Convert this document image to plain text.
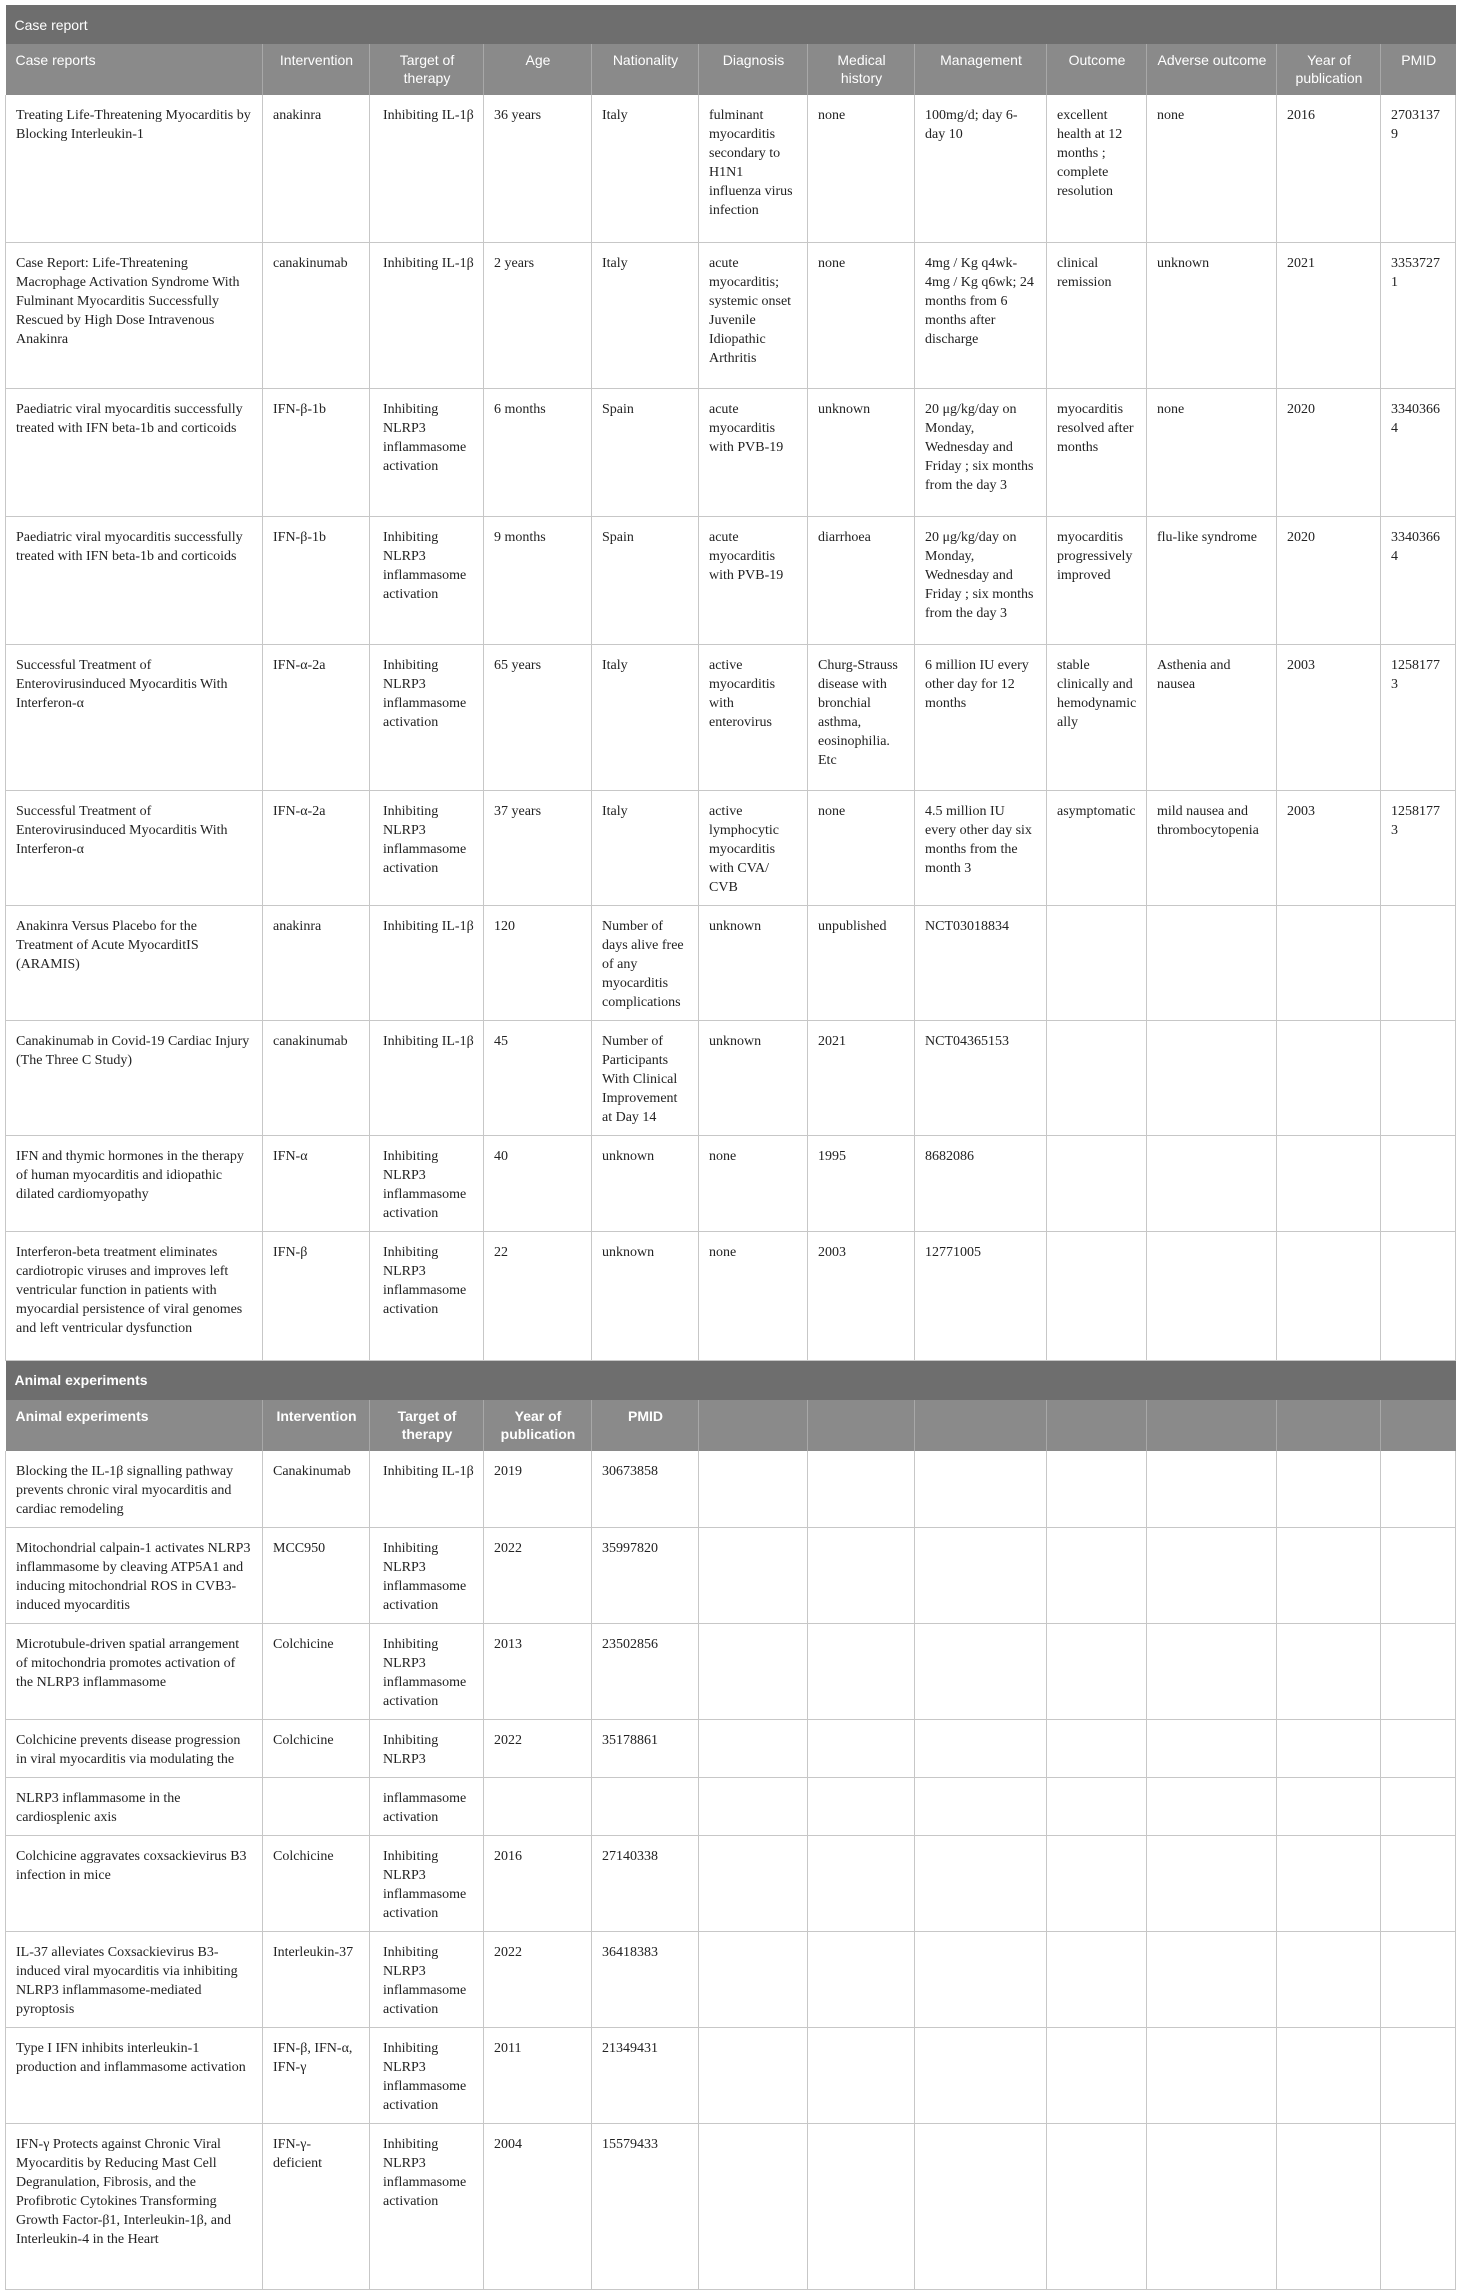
Case report											
Case reports	Intervention	Target of therapy	Age	Nationality	Diagnosis	Medical history	Management	Outcome	Adverse outcome	Year of publication	PMID
Treating Life-Threatening Myocarditis by Blocking Interleukin-1	anakinra	Inhibiting IL-1β	36 years	Italy	fulminant myocarditis secondary to H1N1 influenza virus infection	none	100mg/d; day 6-day 10	excellent health at 12 months ; complete resolution	none	2016	27031379
Case Report: Life-Threatening Macrophage Activation Syndrome With Fulminant Myocarditis Successfully Rescued by High Dose Intravenous Anakinra	canakinumab	Inhibiting IL-1β	2 years	Italy	acute myocarditis; systemic onset Juvenile Idiopathic Arthritis	none	4mg / Kg q4wk-4mg / Kg q6wk; 24 months from 6 months after discharge	clinical remission	unknown	2021	33537271
Paediatric viral myocarditis successfully treated with IFN beta-1b and corticoids	IFN-β-1b	Inhibiting NLRP3 inflammasome activation	6 months	Spain	acute myocarditis with PVB-19	unknown	20 μg/kg/day on Monday, Wednesday and Friday ; six months from the day 3	myocarditis resolved after months	none	2020	33403664
Paediatric viral myocarditis successfully treated with IFN beta-1b and corticoids	IFN-β-1b	Inhibiting NLRP3 inflammasome activation	9 months	Spain	acute myocarditis with PVB-19	diarrhoea	20 μg/kg/day on Monday, Wednesday and Friday ; six months from the day 3	myocarditis progressively improved	flu-like syndrome	2020	33403664
Successful Treatment of Enterovirusinduced Myocarditis With Interferon-α	IFN-α-2a	Inhibiting NLRP3 inflammasome activation	65 years	Italy	active myocarditis with enterovirus	Churg-Strauss disease with bronchial asthma, eosinophilia. Etc	6 million IU every other day for 12 months	stable clinically and hemodynamically	Asthenia and nausea	2003	12581773
Successful Treatment of Enterovirusinduced Myocarditis With Interferon-α	IFN-α-2a	Inhibiting NLRP3 inflammasome activation	37 years	Italy	active lymphocytic myocarditis with CVA/ CVB	none	4.5 million IU every other day six months from the month 3	asymptomatic	mild nausea and thrombocytopenia	2003	12581773
Anakinra Versus Placebo for the Treatment of Acute MyocarditIS (ARAMIS)	anakinra	Inhibiting IL-1β	120	Number of days alive free of any myocarditis complications	unknown	unpublished	NCT03018834				
Canakinumab in Covid-19 Cardiac Injury (The Three C Study)	canakinumab	Inhibiting IL-1β	45	Number of Participants With Clinical Improvement at Day 14	unknown	2021	NCT04365153				
IFN and thymic hormones in the therapy of human myocarditis and idiopathic dilated cardiomyopathy	IFN-α	Inhibiting NLRP3 inflammasome activation	40	unknown	none	1995	8682086				
Interferon-beta treatment eliminates cardiotropic viruses and improves left ventricular function in patients with myocardial persistence of viral genomes and left ventricular dysfunction	IFN-β	Inhibiting NLRP3 inflammasome activation	22	unknown	none	2003	12771005				
Animal experiments											
Animal experiments	Intervention	Target of therapy	Year of publication	PMID							
Blocking the IL-1β signalling pathway prevents chronic viral myocarditis and cardiac remodeling	Canakinumab	Inhibiting IL-1β	2019	30673858							
Mitochondrial calpain-1 activates NLRP3 inflammasome by cleaving ATP5A1 and inducing mitochondrial ROS in CVB3-induced myocarditis	MCC950	Inhibiting NLRP3 inflammasome activation	2022	35997820							
Microtubule-driven spatial arrangement of mitochondria promotes activation of the NLRP3 inflammasome	Colchicine	Inhibiting NLRP3 inflammasome activation	2013	23502856							
Colchicine prevents disease progression in viral myocarditis via modulating the	Colchicine	Inhibiting NLRP3	2022	35178861							
NLRP3 inflammasome in the cardiosplenic axis		inflammasome activation									
Colchicine aggravates coxsackievirus B3 infection in mice	Colchicine	Inhibiting NLRP3 inflammasome activation	2016	27140338							
IL-37 alleviates Coxsackievirus B3-induced viral myocarditis via inhibiting NLRP3 inflammasome-mediated pyroptosis	Interleukin-37	Inhibiting NLRP3 inflammasome activation	2022	36418383							
Type I IFN inhibits interleukin-1 production and inflammasome activation	IFN-β, IFN-α, IFN-γ	Inhibiting NLRP3 inflammasome activation	2011	21349431							
IFN-γ Protects against Chronic Viral Myocarditis by Reducing Mast Cell Degranulation, Fibrosis, and the Profibrotic Cytokines Transforming Growth Factor-β1, Interleukin-1β, and Interleukin-4 in the Heart	IFN-γ-deficient	Inhibiting NLRP3 inflammasome activation	2004	15579433							
